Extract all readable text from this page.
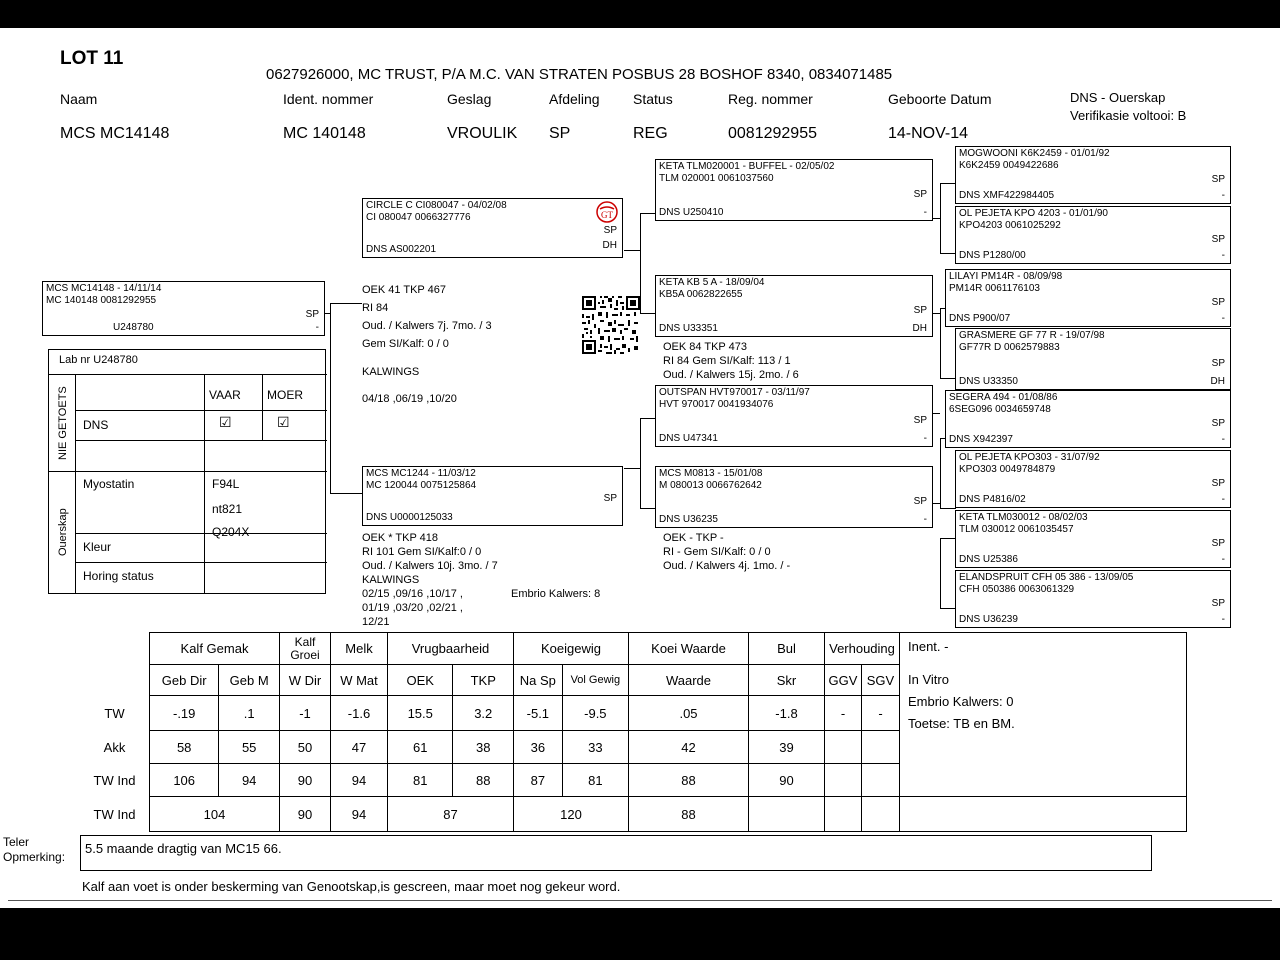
LOT 11
0627926000, MC TRUST, P/A M.C. VAN STRATEN POSBUS 28 BOSHOF 8340, 0834071485
Naam	Ident. nommer	Geslag	Afdeling Status	Reg. nommer	Geboorte Datum
MCS MC14148	MC 140148	VROULIK SP	REG	0081292955	14-NOV-14
DNS - Ouerskap
Verifikasie voltooi: B
MCS MC14148 - 14/11/14
MC 140148 0081292955
SP
-
U248780
Lab nr U248780
VAAR MOER
NIE GETOETS
Ouerskap
DNS	☑	☑
Myostatin	F94L
nt821
Q204X
Kleur
Horing status
CIRCLE C CI080047 - 04/02/08
CI 080047 0066327776
DNS AS002201
SP
DH
GT
OEK 41 TKP 467
RI 84
Oud. / Kalwers 7j. 7mo. / 3
Gem SI/Kalf: 0 / 0
KALWINGS
04/18 ,06/19 ,10/20
MCS MC1244 - 11/03/12
MC 120044 0075125864
DNS U0000125033
SP
OEK * TKP 418
RI 101 Gem SI/Kalf:0 / 0
Oud. / Kalwers 10j. 3mo. / 7
KALWINGS
02/15 ,09/16 ,10/17 ,
01/19 ,03/20 ,02/21 ,
12/21
Embrio Kalwers: 8
KETA TLM020001 - BUFFEL - 02/05/02
TLM 020001 0061037560
DNS U250410
SP
-
KETA KB 5 A - 18/09/04
KB5A 0062822655
DNS U33351
SP
DH
OEK 84 TKP 473
RI 84 Gem SI/Kalf: 113 / 1
Oud. / Kalwers 15j. 2mo. / 6
OUTSPAN HVT970017 - 03/11/97
HVT 970017 0041934076
DNS U47341
SP
-
MCS M0813 - 15/01/08
M 080013 0066762642
DNS U36235
SP
-
OEK - TKP -
RI - Gem SI/Kalf: 0 / 0
Oud. / Kalwers 4j. 1mo. / -
MOGWOONI K6K2459 - 01/01/92
K6K2459 0049422686
DNS XMF422984405
SP
-
OL PEJETA KPO 4203 - 01/01/90
KPO4203 0061025292
DNS P1280/00
SP
-
LILAYI PM14R - 08/09/98
PM14R 0061176103
DNS P900/07
SP
-
GRASMERE GF 77 R - 19/07/98
GF77R D 0062579883
DNS U33350
SP
DH
SEGERA 494 - 01/08/86
6SEG096 0034659748
DNS X942397
SP
-
OL PEJETA KPO303 - 31/07/92
KPO303 0049784879
DNS P4816/02
SP
-
KETA TLM030012 - 08/02/03
TLM 030012 0061035457
DNS U25386
SP
-
ELANDSPRUIT CFH 05 386 - 13/09/05
CFH 050386 0063061329
DNS U36239
SP
-
	Kalf Gemak		Kalf Groei	Melk	Vrugbaarheid		Koeigewig		Koei Waarde	Bul	Verhouding		Inent. -
In Vitro
Embrio Kalwers: 0
Toetse: TB en BM.

	Geb Dir	Geb M	W Dir	W Mat	OEK	TKP	Na Sp	Vol Gewig	Waarde	Skr	GGV	SGV	
TW	-.19	.1	-1	-1.6	15.5	3.2	-5.1	-9.5	.05	-1.8	-	-	
Akk	58	55	50	47	61	38	36	33	42	39			
TW Ind	106	94	90	94	81	88	87	81	88	90			
TW Ind	104		90	94	87		120		88				
5.5 maande dragtig van MC15 66.
Teler
Opmerking:
Kalf aan voet is onder beskerming van Genootskap,is gescreen, maar moet nog gekeur word.
